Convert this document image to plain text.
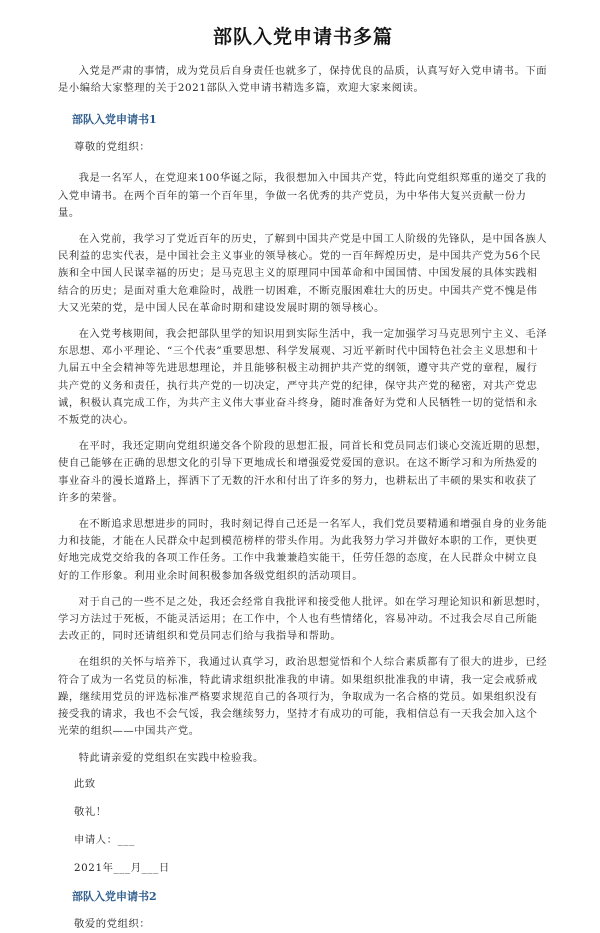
部队入党申请书多篇

入党是严肃的事情，成为党员后自身责任也就多了，保持优良的品质，认真写好入党申请书。下面是小编给大家整理的关于2021部队入党申请书精选多篇，欢迎大家来阅读。

部队入党申请书1
尊敬的党组织：

我是一名军人，在党迎来100华诞之际，我很想加入中国共产党，特此向党组织郑重的递交了我的入党申请书。在两个百年的第一个百年里，争做一名优秀的共产党员，为中华伟大复兴贡献一份力量。

在入党前，我学习了党近百年的历史，了解到中国共产党是中国工人阶级的先锋队，是中国各族人民利益的忠实代表，是中国社会主义事业的领导核心。党的一百年辉煌历史，是中国共产党为56个民族和全中国人民谋幸福的历史；是马克思主义的原理同中国革命和中国国情、中国发展的具体实践相结合的历史；是面对重大危难险时，战胜一切困难，不断克服困难壮大的历史。中国共产党不愧是伟大又光荣的党，是中国人民在革命时期和建设发展时期的领导核心。

在入党考核期间，我会把部队里学的知识用到实际生活中，我一定加强学习马克思列宁主义、毛泽东思想、邓小平理论、“三个代表”重要思想、科学发展观、习近平新时代中国特色社会主义思想和十九届五中全会精神等先进思想理论，并且能够积极主动拥护共产党的纲领，遵守共产党的章程，履行共产党的义务和责任，执行共产党的一切决定，严守共产党的纪律，保守共产党的秘密，对共产党忠诚，积极认真完成工作，为共产主义伟大事业奋斗终身，随时准备好为党和人民牺牲一切的觉悟和永不叛党的决心。

在平时，我还定期向党组织递交各个阶段的思想汇报，同首长和党员同志们谈心交流近期的思想，使自己能够在正确的思想文化的引导下更地成长和增强爱党爱国的意识。在这不断学习和为所热爱的事业奋斗的漫长道路上，挥洒下了无数的汗水和付出了许多的努力，也耕耘出了丰硕的果实和收获了许多的荣誉。

在不断追求思想进步的同时，我时刻记得自己还是一名军人，我们党员要精通和增强自身的业务能力和技能，才能在人民群众中起到模范榜样的带头作用。为此我努力学习并做好本职的工作，更快更好地完成党交给我的各项工作任务。工作中我兼兼趋实能干，任劳任怨的态度，在人民群众中树立良好的工作形象。利用业余时间积极参加各级党组织的活动项目。

对于自己的一些不足之处，我还会经常自我批评和接受他人批评。如在学习理论知识和新思想时，学习方法过于死板，不能灵活运用；在工作中，个人也有些情绪化，容易冲动。不过我会尽自己所能去改正的，同时还请组织和党员同志们给与我指导和帮助。

在组织的关怀与培养下，我通过认真学习，政治思想觉悟和个人综合素质都有了很大的进步，已经符合了成为一名党员的标准，特此请求组织批准我的申请。如果组织批准我的申请，我一定会戒骄戒躁，继续用党员的评选标准严格要求规范自己的各项行为，争取成为一名合格的党员。如果组织没有接受我的请求，我也不会气馁，我会继续努力，坚持才有成功的可能，我相信总有一天我会加入这个光荣的组织——中国共产党。

特此请亲爱的党组织在实践中检验我。

此致
敬礼！
申请人：___
2021年___月___日
部队入党申请书2
敬爱的党组织：
